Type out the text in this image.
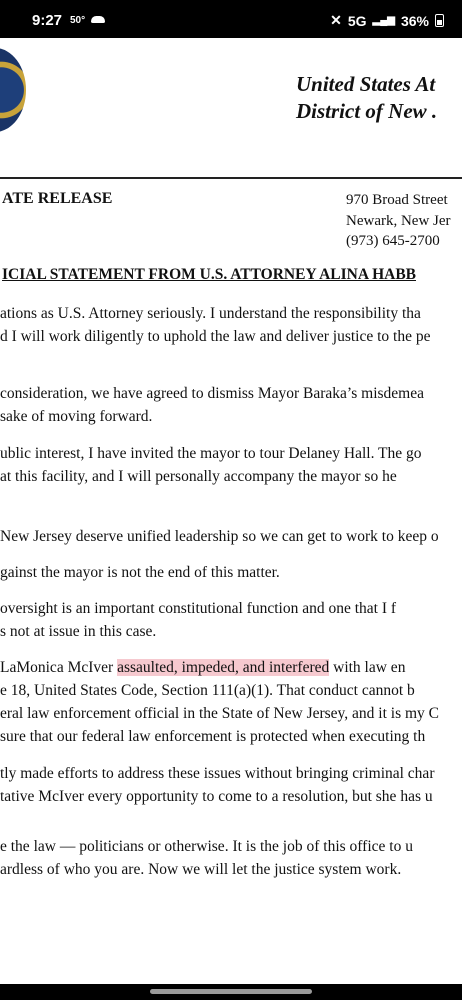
9:27 50°	✕ 5G ▂▄▆ 36%
United States At
District of New .
ATE RELEASE	970 Broad Street
Newark, New Jer
(973) 645-2700
ICIAL STATEMENT FROM U.S. ATTORNEY ALINA HABB
ations as U.S. Attorney seriously. I understand the responsibility tha
d I will work diligently to uphold the law and deliver justice to the pe
consideration, we have agreed to dismiss Mayor Baraka’s misdemea
sake of moving forward.
ublic interest, I have invited the mayor to tour Delaney Hall. The go
at this facility, and I will personally accompany the mayor so he
New Jersey deserve unified leadership so we can get to work to keep o
gainst the mayor is not the end of this matter.
oversight is an important constitutional function and one that I f
s not at issue in this case.
LaMonica McIver assaulted, impeded, and interfered with law en
e 18, United States Code, Section 111(a)(1). That conduct cannot b
eral law enforcement official in the State of New Jersey, and it is my C
sure that our federal law enforcement is protected when executing th
tly made efforts to address these issues without bringing criminal char
tative McIver every opportunity to come to a resolution, but she has u
e the law — politicians or otherwise. It is the job of this office to u
ardless of who you are. Now we will let the justice system work.
